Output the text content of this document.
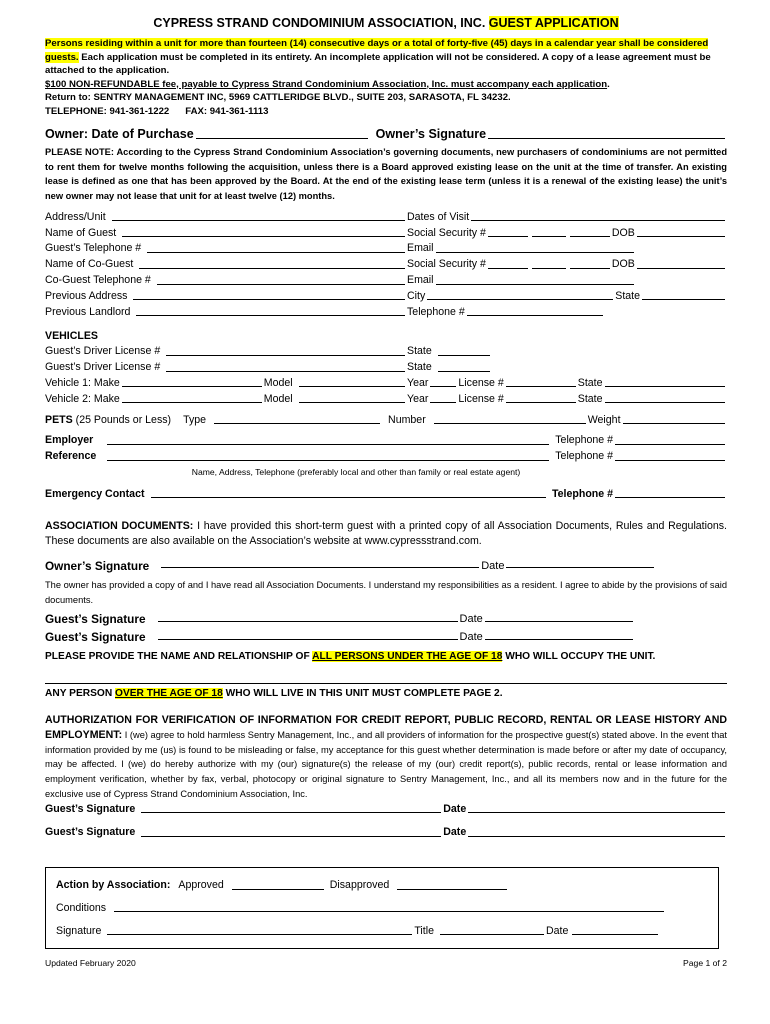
CYPRESS STRAND CONDOMINIUM ASSOCIATION, INC. GUEST APPLICATION
Persons residing within a unit for more than fourteen (14) consecutive days or a total of forty-five (45) days in a calendar year shall be considered guests. Each application must be completed in its entirety. An incomplete application will not be considered. A copy of a lease agreement must be attached to the application.
$100 NON-REFUNDABLE fee, payable to Cypress Strand Condominium Association, Inc. must accompany each application.
Return to: SENTRY MANAGEMENT INC, 5969 CATTLERIDGE BLVD., SUITE 203, SARASOTA, FL 34232.
TELEPHONE: 941-361-1222 FAX: 941-361-1113
Owner: Date of Purchase	Owner’s Signature
PLEASE NOTE: According to the Cypress Strand Condominium Association’s governing documents, new purchasers of condominiums are not permitted to rent them for twelve months following the acquisition, unless there is a Board approved existing lease on the unit at the time of transfer. An existing lease is defined as one that has been approved by the Board. At the end of the existing lease term (unless it is a renewal of the existing lease) the unit’s new owner may not lease that unit for at least twelve (12) months.
Address/Unit	Dates of Visit
Name of Guest	Social Security #	DOB
Guest’s Telephone #	Email
Name of Co-Guest	Social Security #	DOB
Co-Guest Telephone #	Email
Previous Address	City	State
Previous Landlord	Telephone #
VEHICLES
Guest’s Driver License #	State
Guest’s Driver License #	State
Vehicle 1: Make	Model	Year	License #	State
Vehicle 2: Make	Model	Year	License #	State
PETS (25 Pounds or Less) Type	Number	Weight
Employer	Telephone #
Reference	Telephone #
Name, Address, Telephone (preferably local and other than family or real estate agent)
Emergency Contact	Telephone #
ASSOCIATION DOCUMENTS: I have provided this short-term guest with a printed copy of all Association Documents, Rules and Regulations. These documents are also available on the Association’s website at www.cypressstrand.com.
Owner’s Signature	Date
The owner has provided a copy of and I have read all Association Documents. I understand my responsibilities as a resident. I agree to abide by the provisions of said documents.
Guest’s Signature	Date
Guest’s Signature	Date
PLEASE PROVIDE THE NAME AND RELATIONSHIP OF ALL PERSONS UNDER THE AGE OF 18 WHO WILL OCCUPY THE UNIT.
ANY PERSON OVER THE AGE OF 18 WHO WILL LIVE IN THIS UNIT MUST COMPLETE PAGE 2.
AUTHORIZATION FOR VERIFICATION OF INFORMATION FOR CREDIT REPORT, PUBLIC RECORD, RENTAL OR LEASE HISTORY AND EMPLOYMENT: I (we) agree to hold harmless Sentry Management, Inc., and all providers of information for the prospective guest(s) stated above. In the event that information provided by me (us) is found to be misleading or false, my acceptance for this guest whether determination is made before or after my date of occupancy, may be affected. I (we) do hereby authorize with my (our) signature(s) the release of my (our) credit report(s), public records, rental or lease information and employment verification, whether by fax, verbal, photocopy or original signature to Sentry Management, Inc., and all its members now and in the future for the exclusive use of Cypress Strand Condominium Association, Inc.
Guest’s Signature	Date
Guest’s Signature	Date
Action by Association: Approved	Disapproved
Conditions
Signature	Title	Date
Updated February 2020	Page 1 of 2
